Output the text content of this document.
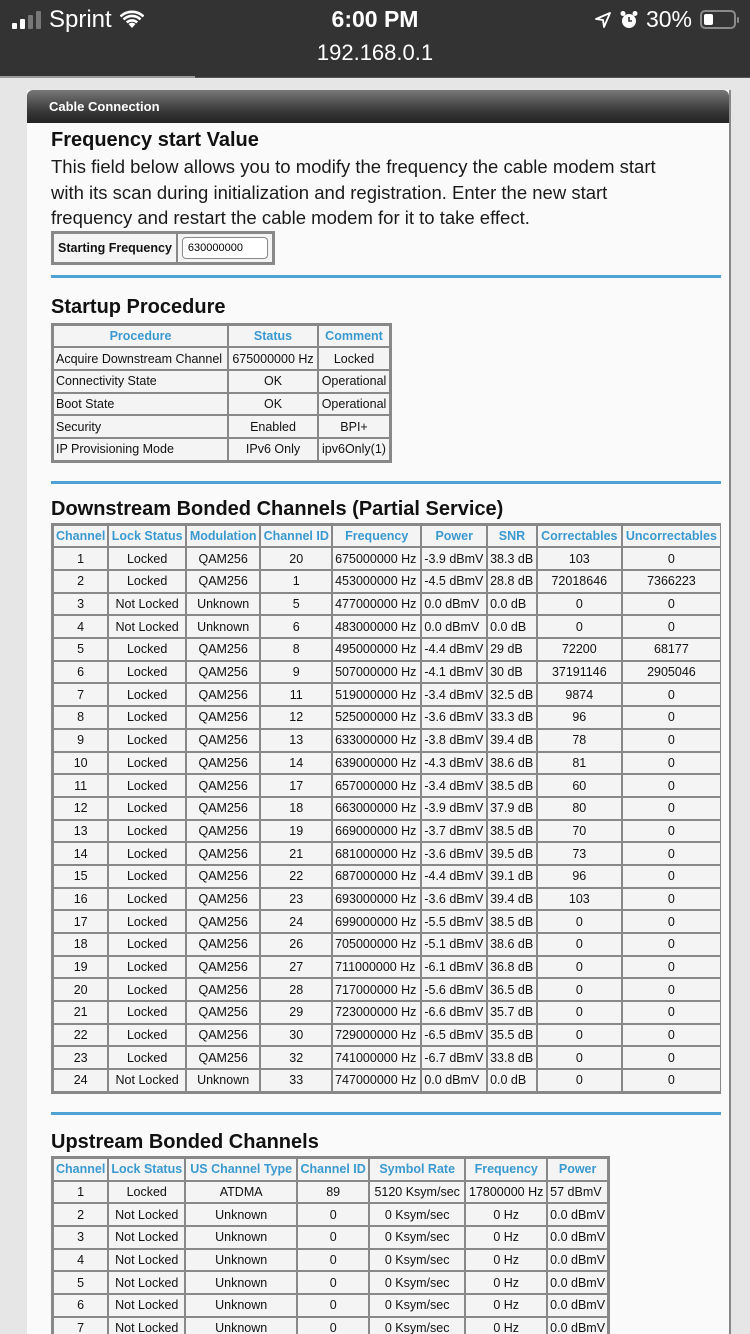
Sprint	6:00 PM
192.168.0.1
30%
Cable Connection
Frequency start Value
This field below allows you to modify the frequency the cable modem start
with its scan during initialization and registration. Enter the new start
frequency and restart the cable modem for it to take effect.
Starting Frequency	630000000
Startup Procedure
Procedure	Status	Comment
Acquire Downstream Channel	675000000 Hz	Locked
Connectivity State	OK	Operational
Boot State	OK	Operational
Security	Enabled	BPI+
IP Provisioning Mode	IPv6 Only	ipv6Only(1)
Downstream Bonded Channels (Partial Service)
Channel	Lock Status	Modulation	Channel ID	Frequency	Power	SNR	Correctables	Uncorrectables
1	Locked	QAM256	20	675000000 Hz	-3.9 dBmV	38.3 dB	103	0
2	Locked	QAM256	1	453000000 Hz	-4.5 dBmV	28.8 dB	72018646	7366223
3	Not Locked	Unknown	5	477000000 Hz	0.0 dBmV	0.0 dB	0	0
4	Not Locked	Unknown	6	483000000 Hz	0.0 dBmV	0.0 dB	0	0
5	Locked	QAM256	8	495000000 Hz	-4.4 dBmV	29 dB	72200	68177
6	Locked	QAM256	9	507000000 Hz	-4.1 dBmV	30 dB	37191146	2905046
7	Locked	QAM256	11	519000000 Hz	-3.4 dBmV	32.5 dB	9874	0
8	Locked	QAM256	12	525000000 Hz	-3.6 dBmV	33.3 dB	96	0
9	Locked	QAM256	13	633000000 Hz	-3.8 dBmV	39.4 dB	78	0
10	Locked	QAM256	14	639000000 Hz	-4.3 dBmV	38.6 dB	81	0
11	Locked	QAM256	17	657000000 Hz	-3.4 dBmV	38.5 dB	60	0
12	Locked	QAM256	18	663000000 Hz	-3.9 dBmV	37.9 dB	80	0
13	Locked	QAM256	19	669000000 Hz	-3.7 dBmV	38.5 dB	70	0
14	Locked	QAM256	21	681000000 Hz	-3.6 dBmV	39.5 dB	73	0
15	Locked	QAM256	22	687000000 Hz	-4.4 dBmV	39.1 dB	96	0
16	Locked	QAM256	23	693000000 Hz	-3.6 dBmV	39.4 dB	103	0
17	Locked	QAM256	24	699000000 Hz	-5.5 dBmV	38.5 dB	0	0
18	Locked	QAM256	26	705000000 Hz	-5.1 dBmV	38.6 dB	0	0
19	Locked	QAM256	27	711000000 Hz	-6.1 dBmV	36.8 dB	0	0
20	Locked	QAM256	28	717000000 Hz	-5.6 dBmV	36.5 dB	0	0
21	Locked	QAM256	29	723000000 Hz	-6.6 dBmV	35.7 dB	0	0
22	Locked	QAM256	30	729000000 Hz	-6.5 dBmV	35.5 dB	0	0
23	Locked	QAM256	32	741000000 Hz	-6.7 dBmV	33.8 dB	0	0
24	Not Locked	Unknown	33	747000000 Hz	0.0 dBmV	0.0 dB	0	0
Upstream Bonded Channels
Channel	Lock Status	US Channel Type	Channel ID	Symbol Rate	Frequency	Power
1	Locked	ATDMA	89	5120 Ksym/sec	17800000 Hz	57 dBmV
2	Not Locked	Unknown	0	0 Ksym/sec	0 Hz	0.0 dBmV
3	Not Locked	Unknown	0	0 Ksym/sec	0 Hz	0.0 dBmV
4	Not Locked	Unknown	0	0 Ksym/sec	0 Hz	0.0 dBmV
5	Not Locked	Unknown	0	0 Ksym/sec	0 Hz	0.0 dBmV
6	Not Locked	Unknown	0	0 Ksym/sec	0 Hz	0.0 dBmV
7	Not Locked	Unknown	0	0 Ksym/sec	0 Hz	0.0 dBmV
